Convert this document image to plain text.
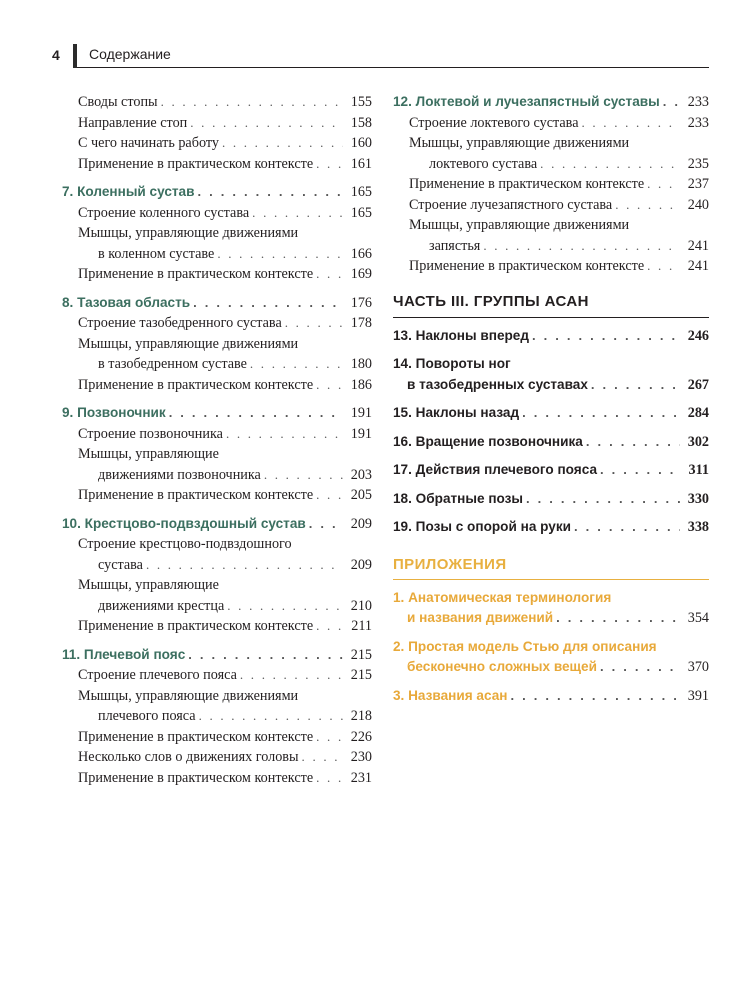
4 Содержание
Своды стопы . . .	155
Направление стоп . . .	158
С чего начинать работу . . .	160
Применение в практическом контексте . . .	161
7. Коленный сустав . . .	165
Строение коленного сустава . . .	165
Мышцы, управляющие движениями
в коленном суставе . . .	166
Применение в практическом контексте . . .	169
8. Тазовая область . . .	176
Строение тазобедренного сустава . . .	178
Мышцы, управляющие движениями
в тазобедренном суставе . . .	180
Применение в практическом контексте . . .	186
9. Позвоночник . . .	191
Строение позвоночника . . .	191
Мышцы, управляющие
движениями позвоночника . . .	203
Применение в практическом контексте . . .	205
10. Крестцово-подвздошный сустав . . .	209
Строение крестцово-подвздошного
сустава . . .	209
Мышцы, управляющие
движениями крестца . . .	210
Применение в практическом контексте . . .	211
11. Плечевой пояс . . .	215
Строение плечевого пояса . . .	215
Мышцы, управляющие движениями
плечевого пояса . . .	218
Применение в практическом контексте . . .	226
Несколько слов о движениях головы . . .	230
Применение в практическом контексте . . .	231
12. Локтевой и лучезапястный суставы . . .	233
Строение локтевого сустава . . .	233
Мышцы, управляющие движениями
локтевого сустава . . .	235
Применение в практическом контексте . . .	237
Строение лучезапястного сустава . . .	240
Мышцы, управляющие движениями
запястья . . .	241
Применение в практическом контексте . . .	241
ЧАСТЬ III. ГРУППЫ АСАН
13. Наклоны вперед . . .	246
14. Повороты ног
в тазобедренных суставах . . .	267
15. Наклоны назад . . .	284
16. Вращение позвоночника . . .	302
17. Действия плечевого пояса . . .	311
18. Обратные позы . . .	330
19. Позы с опорой на руки . . .	338
ПРИЛОЖЕНИЯ
1. Анатомическая терминология
и названия движений . . .	354
2. Простая модель Стью для описания
бесконечно сложных вещей . . .	370
3. Названия асан . . .	391
